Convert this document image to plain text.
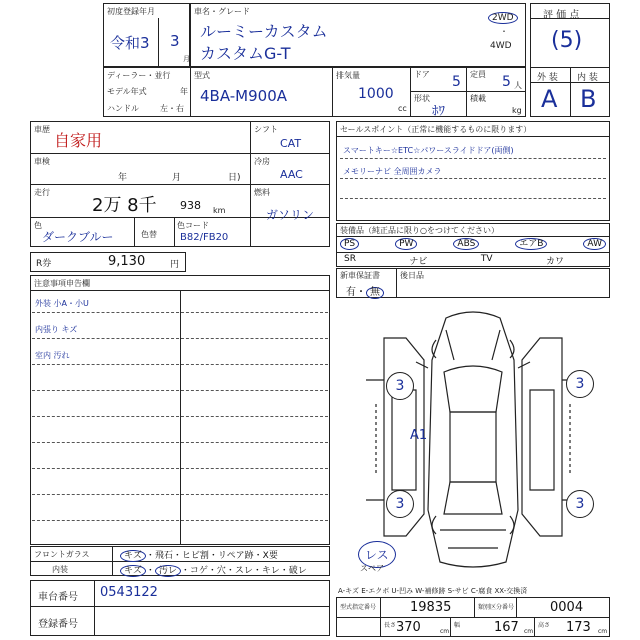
初度登録年月
令和3 3
月
車名・グレード
ルーミーカスタム
カスタムG-T
2WD
・
4WD
ディーラー・並行
モデル年式	年
ハンドル	左・右
型式
4BA-M900A
排気量
1000
cc
ドア 5 定員 5 人
形状
ﾎﾜ
積載
kg
評 価 点
(5)
外 装 内 装
A B
車歴
自家用
車検
年	月	日)
走行
2万 8千 938 km
色
ダークブルー	色替
色コード
B82/FB20
シフト
CAT
冷房
AAC
燃料
ガソリン
セールスポイント（正常に機能するものに限ります）
スマートキー☆ETC☆パワースライドドア(両側)
メモリーナビ 全周囲カメラ
装備品（純正品に限り○をつけてください）
PS	PW	ABS	エアB	AW
SR	ナビ	TV	カワ
新車保証書
有・ 無
後日品
R券	9,130	円
注意事項申告欄
外装 小A・小U
内張り キズ
室内 汚れ
フロントガラス	キズ ・飛石・ヒビ割・リペア跡・X要
内装	キズ ・ 汚レ ・コゲ・穴・スレ・キレ・破レ
車台番号 0543122
登録番号
3	3
A1
3	3
レス
スペア
A-キズ E-エクボ U-凹み W-補修跡 S-サビ C-腐食 XX-交換済
型式指定番号	19835	類別区分番号	0004
長さ 370	cm
幅	167 cm
高さ 173 cm
